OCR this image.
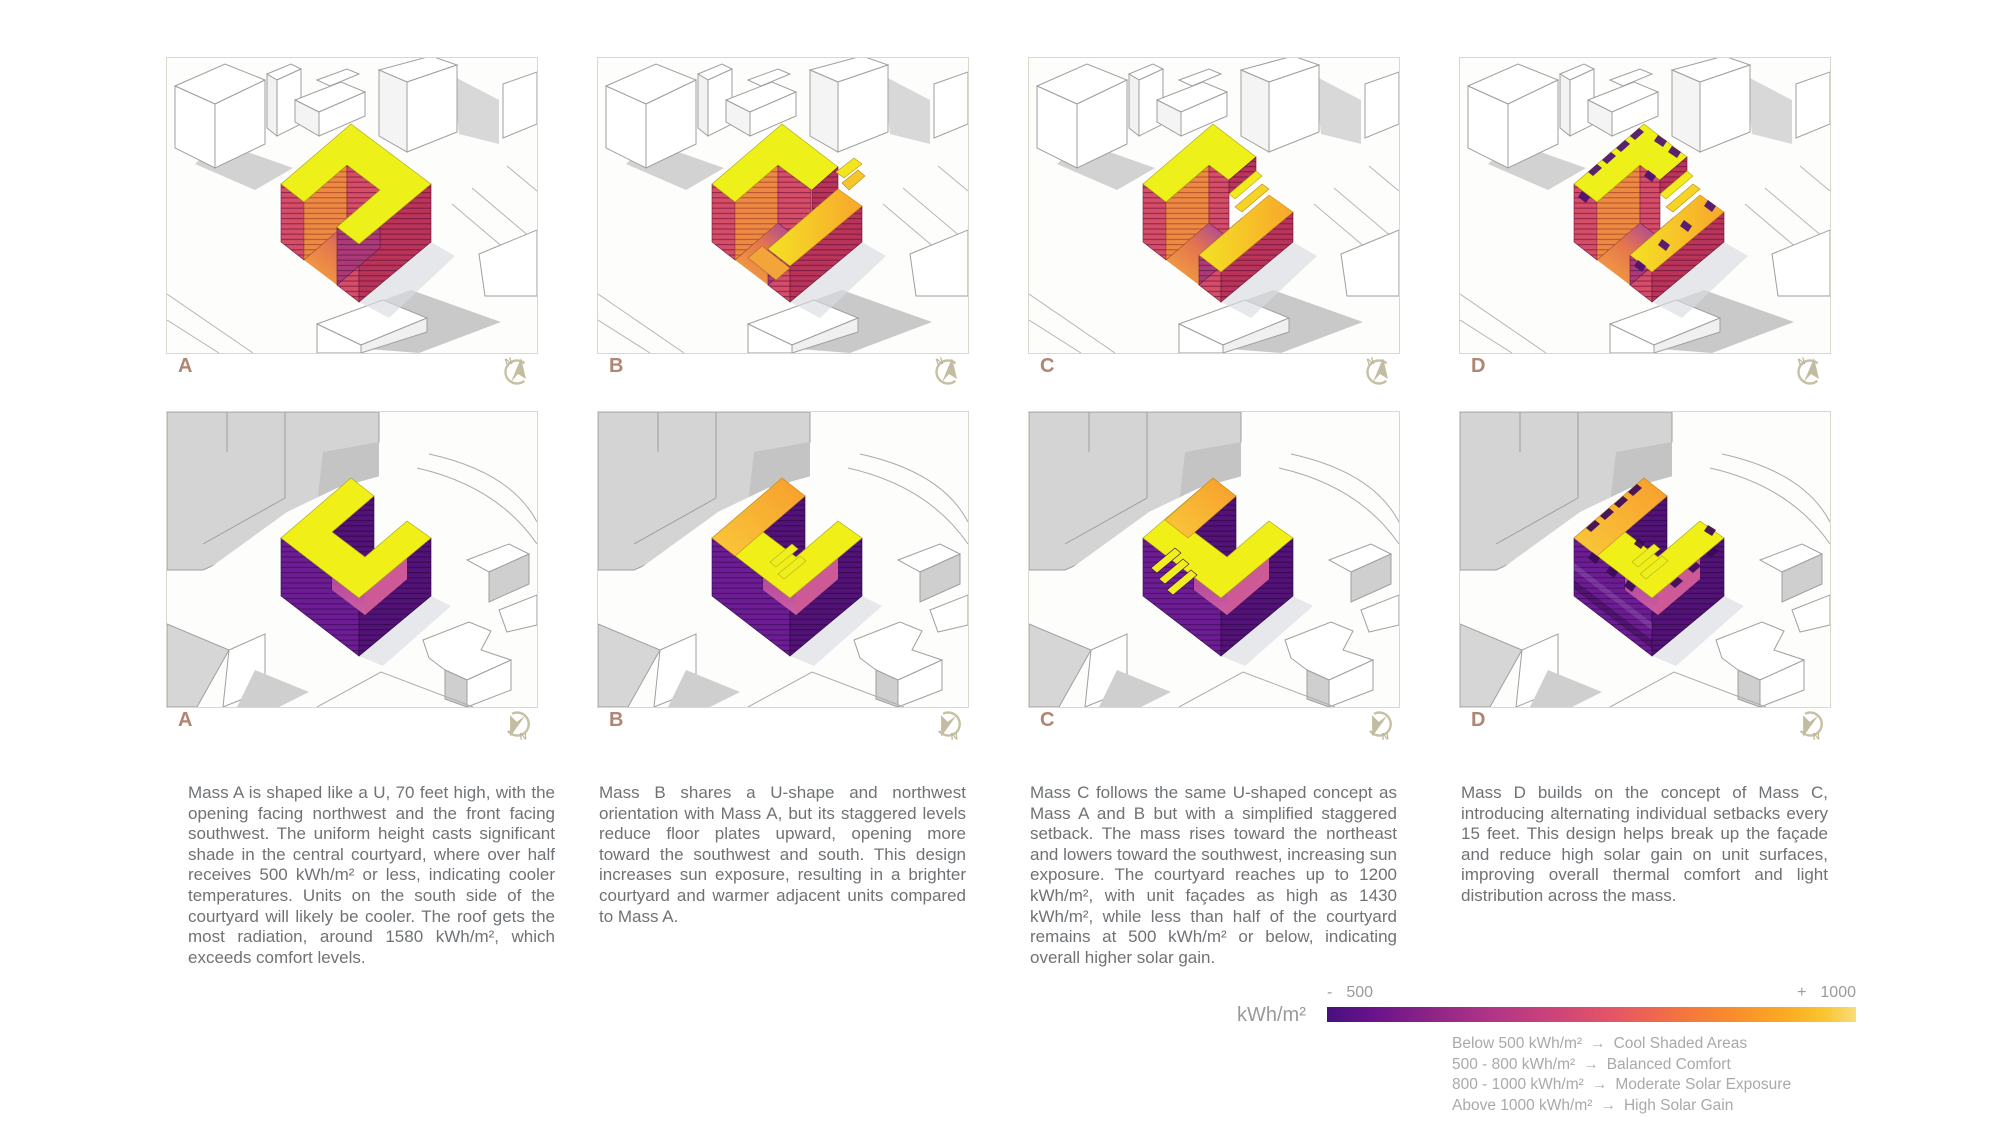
A	B	C	D
N	N	N	N
A	B	C	D
N	N	N	N

Mass A is shaped like a U, 70 feet high, with the opening facing northwest and the front facing southwest. The uniform height casts significant shade in the central courtyard, where over half receives 500 kWh/m² or less, indicating cooler temperatures. Units on the south side of the courtyard will likely be cooler. The roof gets the most radiation, around 1580 kWh/m², which exceeds comfort levels.

Mass B shares a U-shape and northwest orientation with Mass A, but its staggered levels reduce floor plates upward, opening more toward the southwest and south. This design increases sun exposure, resulting in a brighter courtyard and warmer adjacent units compared to Mass A.

Mass C follows the same U-shaped concept as Mass A and B but with a simplified staggered setback. The mass rises toward the northeast and lowers toward the southwest, increasing sun exposure. The courtyard reaches up to 1200 kWh/m², with unit façades as high as 1430 kWh/m², while less than half of the courtyard remains at 500 kWh/m² or below, indicating overall higher solar gain.

Mass D builds on the concept of Mass C, introducing alternating individual setbacks every 15 feet. This design helps break up the façade and reduce high solar gain on unit surfaces, improving overall thermal comfort and light distribution across the mass.

kWh/m²
- 500	+ 1000
Below 500 kWh/m² → Cool Shaded Areas
500 - 800 kWh/m² → Balanced Comfort
800 - 1000 kWh/m² → Moderate Solar Exposure
Above 1000 kWh/m² → High Solar Gain
